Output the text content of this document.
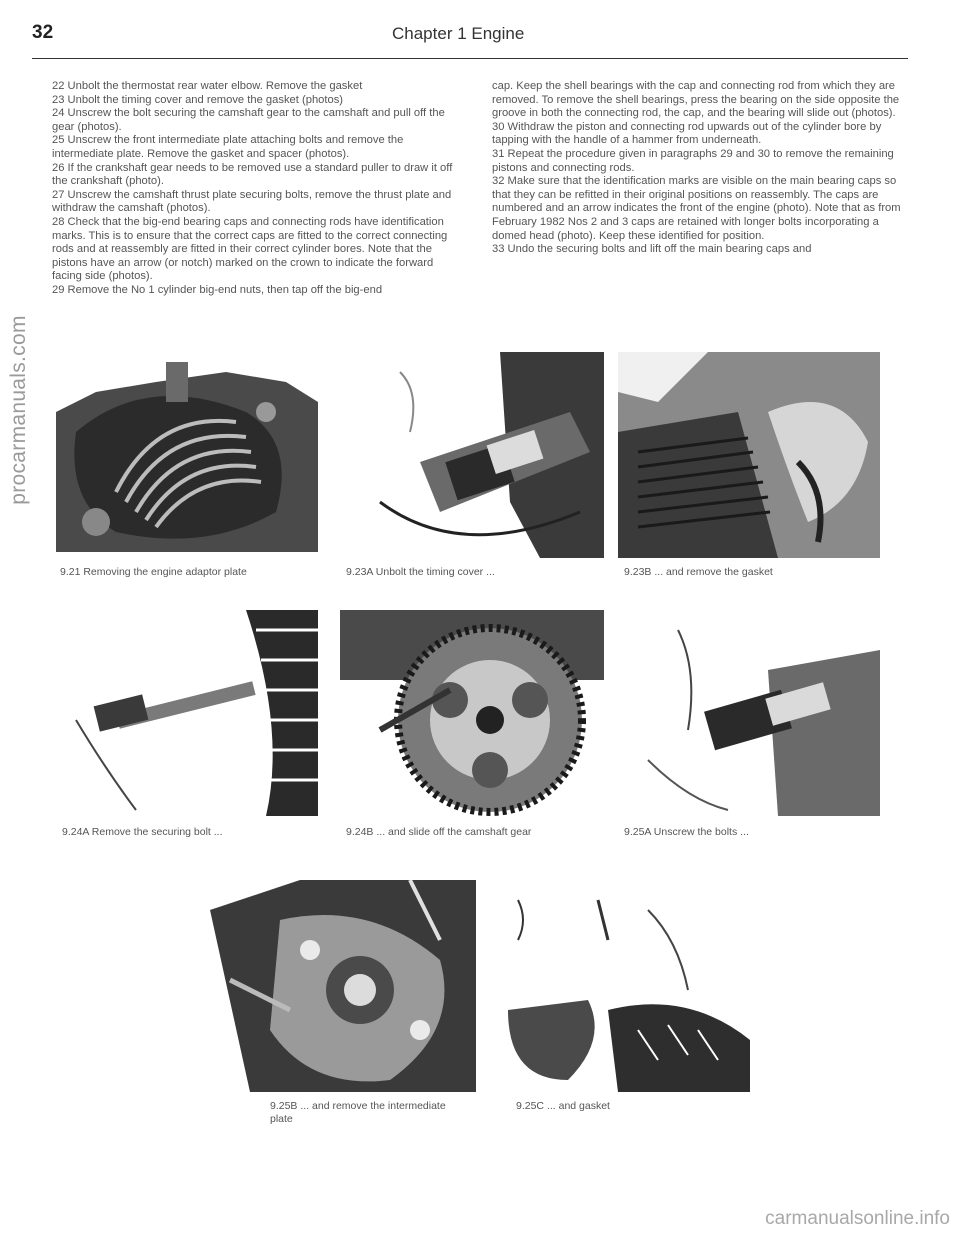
procarmanuals.com
32	Chapter 1 Engine

22 Unbolt the thermostat rear water elbow. Remove the gasket

23 Unbolt the timing cover and remove the gasket (photos)

24 Unscrew the bolt securing the camshaft gear to the camshaft and pull off the gear (photos).

25 Unscrew the front intermediate plate attaching bolts and remove the intermediate plate. Remove the gasket and spacer (photos).

26 If the crankshaft gear needs to be removed use a standard puller to draw it off the crankshaft (photo).

27 Unscrew the camshaft thrust plate securing bolts, remove the thrust plate and withdraw the camshaft (photos).

28 Check that the big-end bearing caps and connecting rods have identification marks. This is to ensure that the correct caps are fitted to the correct connecting rods and at reassembly are fitted in their correct cylinder bores. Note that the pistons have an arrow (or notch) marked on the crown to indicate the forward facing side (photos).

29 Remove the No 1 cylinder big-end nuts, then tap off the big-end

cap. Keep the shell bearings with the cap and connecting rod from which they are removed. To remove the shell bearings, press the bearing on the side opposite the groove in both the connecting rod, the cap, and the bearing will slide out (photos).

30 Withdraw the piston and connecting rod upwards out of the cylinder bore by tapping with the handle of a hammer from underneath.

31 Repeat the procedure given in paragraphs 29 and 30 to remove the remaining pistons and connecting rods.

32 Make sure that the identification marks are visible on the main bearing caps so that they can be refitted in their original positions on reassembly. The caps are numbered and an arrow indicates the front of the engine (photo). Note that as from February 1982 Nos 2 and 3 caps are retained with longer bolts incorporating a domed head (photo). Keep these identified for position.

33 Undo the securing bolts and lift off the main bearing caps and

9.21 Removing the engine adaptor plate	9.23A Unbolt the timing cover ...	9.23B ... and remove the gasket
9.24A Remove the securing bolt ...	9.24B ... and slide off the camshaft gear	9.25A Unscrew the bolts ...
9.25B ... and remove the intermediate plate
9.25C ... and gasket
carmanualsonline.info
